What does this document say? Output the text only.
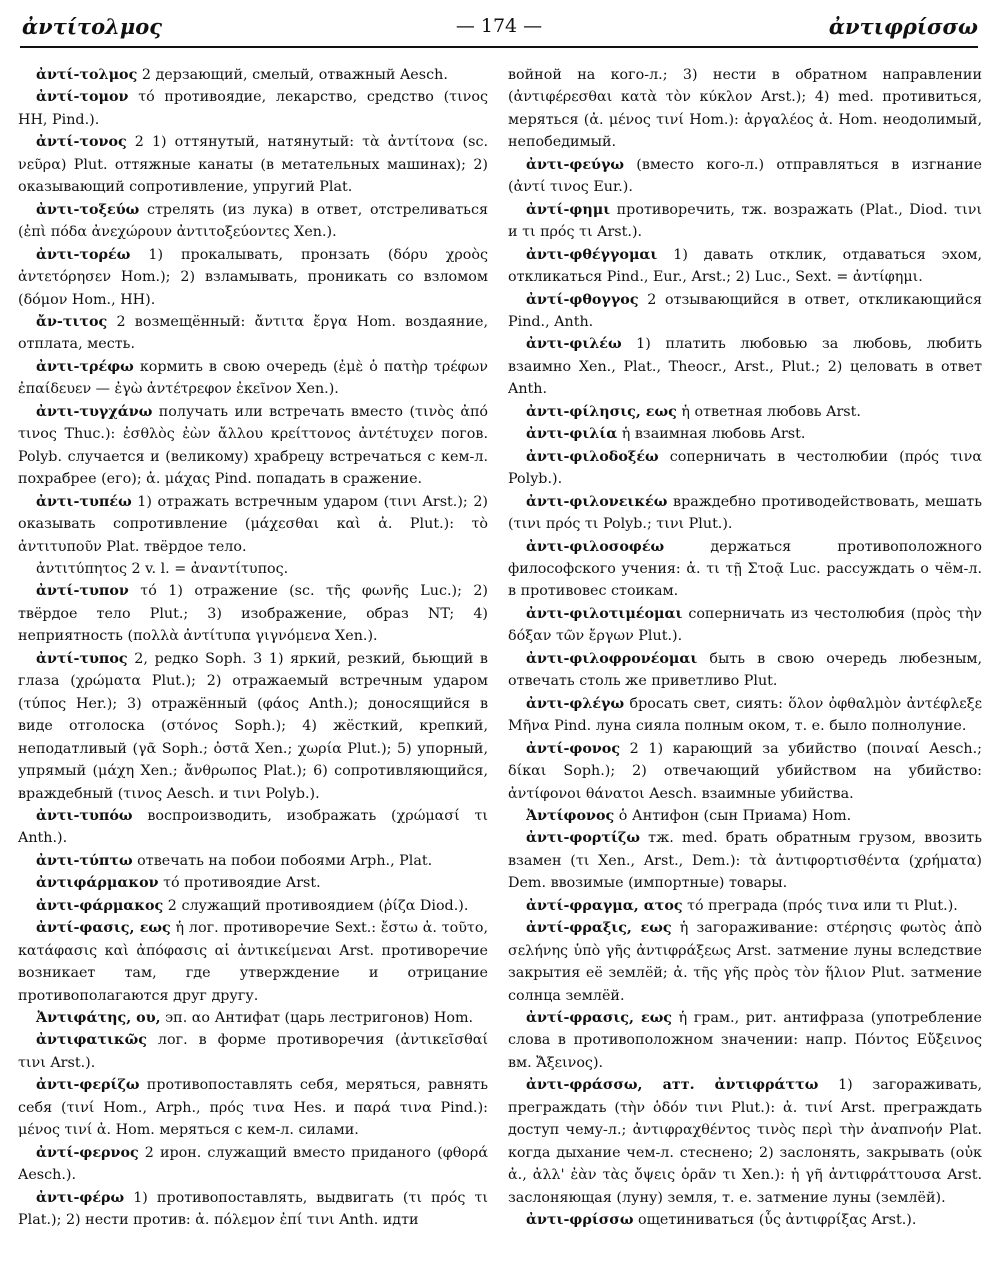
ἀντίτολμος	— 174 —	ἀντιφρίσσω

ἀντί-τολμος 2 дерзающий, смелый, отважный Aesch.

ἀντί-τομον τό противоядие, лекарство, средство (τινος HH, Pind.).

ἀντί-τονος 2 1) оттянутый, натянутый: τὰ ἀντίτονα (sc. νεῦρα) Plut. оттяжные канаты (в метательных машинах); 2) оказывающий сопротивление, упругий Plat.

ἀντι-τοξεύω стрелять (из лука) в ответ, отстреливаться (ἐπὶ πόδα ἀνεχώρουν ἀντιτοξεύοντες Xen.).

ἀντι-τορέω 1) прокалывать, пронзать (δόρυ χροὸς ἀντετόρησεν Hom.); 2) взламывать, проникать со взломом (δόμον Hom., HH).

ἄν-τιτος 2 возмещённый: ἄντιτα ἔργα Hom. воздаяние, отплата, месть.

ἀντι-τρέφω кормить в свою очередь (ἐμὲ ὁ πατὴρ τρέφων ἐπαίδευεν — ἐγὼ ἀντέτρεφον ἐκεῖνον Xen.).

ἀντι-τυγχάνω получать или встречать вместо (τινὸς ἀπό τινος Thuc.): ἐσθλὸς ἐὼν ἄλλου κρείττονος ἀντέτυχεν погов. Polyb. случается и (великому) храбрецу встречаться с кем-л. похрабрее (его); ἀ. μάχας Pind. попадать в сражение.

ἀντι-τυπέω 1) отражать встречным ударом (τινι Arst.); 2) оказывать сопротивление (μάχεσθαι καὶ ἀ. Plut.): τὸ ἀντιτυποῦν Plat. твёрдое тело.

ἀντιτύπητος 2 v. l. = ἀναντίτυπος.

ἀντί-τυπον τό 1) отражение (sc. τῆς φωνῆς Luc.); 2) твёрдое тело Plut.; 3) изображение, образ NT; 4) неприятность (πολλὰ ἀντίτυπα γιγνόμενα Xen.).

ἀντί-τυπος 2, редко Soph. 3 1) яркий, резкий, бьющий в глаза (χρώματα Plut.); 2) отражаемый встречным ударом (τύπος Her.); 3) отражённый (φάος Anth.); доносящийся в виде отголоска (στόνος Soph.); 4) жёсткий, крепкий, неподатливый (γᾶ Soph.; ὀστᾶ Xen.; χωρία Plut.); 5) упорный, упрямый (μάχη Xen.; ἄνθρωπος Plat.); 6) сопротивляющийся, враждебный (τινος Aesch. и τινι Polyb.).

ἀντι-τυπόω воспроизводить, изображать (χρώμασί τι Anth.).

ἀντι-τύπτω отвечать на побои побоями Arph., Plat.

ἀντιφάρμακον τό противоядие Arst.

ἀντι-φάρμακος 2 служащий противоядием (ῥίζα Diod.).

ἀντί-φασις, εως ἡ лог. противоречие Sext.: ἔστω ἀ. τοῦτο, κατάφασις καὶ ἀπόφασις αἱ ἀντικείμεναι Arst. противоречие возникает там, где утверждение и отрицание противополагаются друг другу.

Ἀντιφάτης, ου, эп. αο Антифат (царь лестригонов) Hom.

ἀντιφατικῶς лог. в форме противоречия (ἀντικεῖσθαί τινι Arst.).

ἀντι-φερίζω противопоставлять себя, меряться, равнять себя (τινί Hom., Arph., πρός τινα Hes. и παρά τινα Pind.): μένος τινί ἀ. Hom. меряться с кем-л. силами.

ἀντί-φερνος 2 ирон. служащий вместо приданого (φθορά Aesch.).

ἀντι-φέρω 1) противопоставлять, выдвигать (τι πρός τι Plat.); 2) нести против: ἀ. πόλεμον ἐπί τινι Anth. идти

войной на кого-л.; 3) нести в обратном направлении (ἀντιφέρεσθαι κατὰ τὸν κύκλον Arst.); 4) med. противиться, меряться (ἀ. μένος τινί Hom.): ἀργαλέος ἀ. Hom. неодолимый, непобедимый.

ἀντι-φεύγω (вместо кого-л.) отправляться в изгнание (ἀντί τινος Eur.).

ἀντί-φημι противоречить, тж. возражать (Plat., Diod. τινι и τι πρός τι Arst.).

ἀντι-φθέγγομαι 1) давать отклик, отдаваться эхом, откликаться Pind., Eur., Arst.; 2) Luc., Sext. = ἀντίφημι.

ἀντί-φθογγος 2 отзывающийся в ответ, откликающийся Pind., Anth.

ἀντι-φιλέω 1) платить любовью за любовь, любить взаимно Xen., Plat., Theocr., Arst., Plut.; 2) целовать в ответ Anth.

ἀντι-φίλησις, εως ἡ ответная любовь Arst.

ἀντι-φιλία ἡ взаимная любовь Arst.

ἀντι-φιλοδοξέω соперничать в честолюбии (πρός τινα Polyb.).

ἀντι-φιλονεικέω враждебно противодействовать, мешать (τινι πρός τι Polyb.; τινι Plut.).

ἀντι-φιλοσοφέω держаться противоположного философского учения: ἀ. τι τῇ Στοᾷ Luc. рассуждать о чём-л. в противовес стоикам.

ἀντι-φιλοτιμέομαι соперничать из честолюбия (πρὸς τὴν δόξαν τῶν ἔργων Plut.).

ἀντι-φιλοφρονέομαι быть в свою очередь любезным, отвечать столь же приветливо Plut.

ἀντι-φλέγω бросать свет, сиять: ὅλον ὀφθαλμὸν ἀντέφλεξε Μῆνα Pind. луна сияла полным оком, т. е. было полнолуние.

ἀντί-φονος 2 1) карающий за убийство (ποιναί Aesch.; δίκαι Soph.); 2) отвечающий убийством на убийство: ἀντίφονοι θάνατοι Aesch. взаимные убийства.

Ἀντίφονος ὁ Антифон (сын Приама) Hom.

ἀντι-φορτίζω тж. med. брать обратным грузом, ввозить взамен (τι Xen., Arst., Dem.): τὰ ἀντιφορτισθέντα (χρήματα) Dem. ввозимые (импортные) товары.

ἀντί-φραγμα, ατος τό преграда (πρός τινα или τι Plut.).

ἀντί-φραξις, εως ἡ загораживание: στέρησις φωτὸς ἀπὸ σελήνης ὑπὸ γῆς ἀντιφράξεως Arst. затмение луны вследствие закрытия её землёй; ἀ. τῆς γῆς πρὸς τὸν ἥλιον Plut. затмение солнца землёй.

ἀντί-φρασις, εως ἡ грам., рит. антифраза (употребление слова в противоположном значении: напр. Πόντος Εὔξεινος вм. Ἄξεινος).

ἀντι-φράσσω, атт. ἀντιφράττω 1) загораживать, преграждать (τὴν ὁδόν τινι Plut.): ἀ. τινί Arst. преграждать доступ чему-л.; ἀντιφραχθέντος τινὸς περὶ τὴν ἀναπνοήν Plat. когда дыхание чем-л. стеснено; 2) заслонять, закрывать (οὐκ ἀ., ἀλλ' ἐὰν τὰς ὄψεις ὁρᾶν τι Xen.): ἡ γῆ ἀντιφράττουσα Arst. заслоняющая (луну) земля, т. е. затмение луны (землёй).

ἀντι-φρίσσω ощетиниваться (ὗς ἀντιφρίξας Arst.).
